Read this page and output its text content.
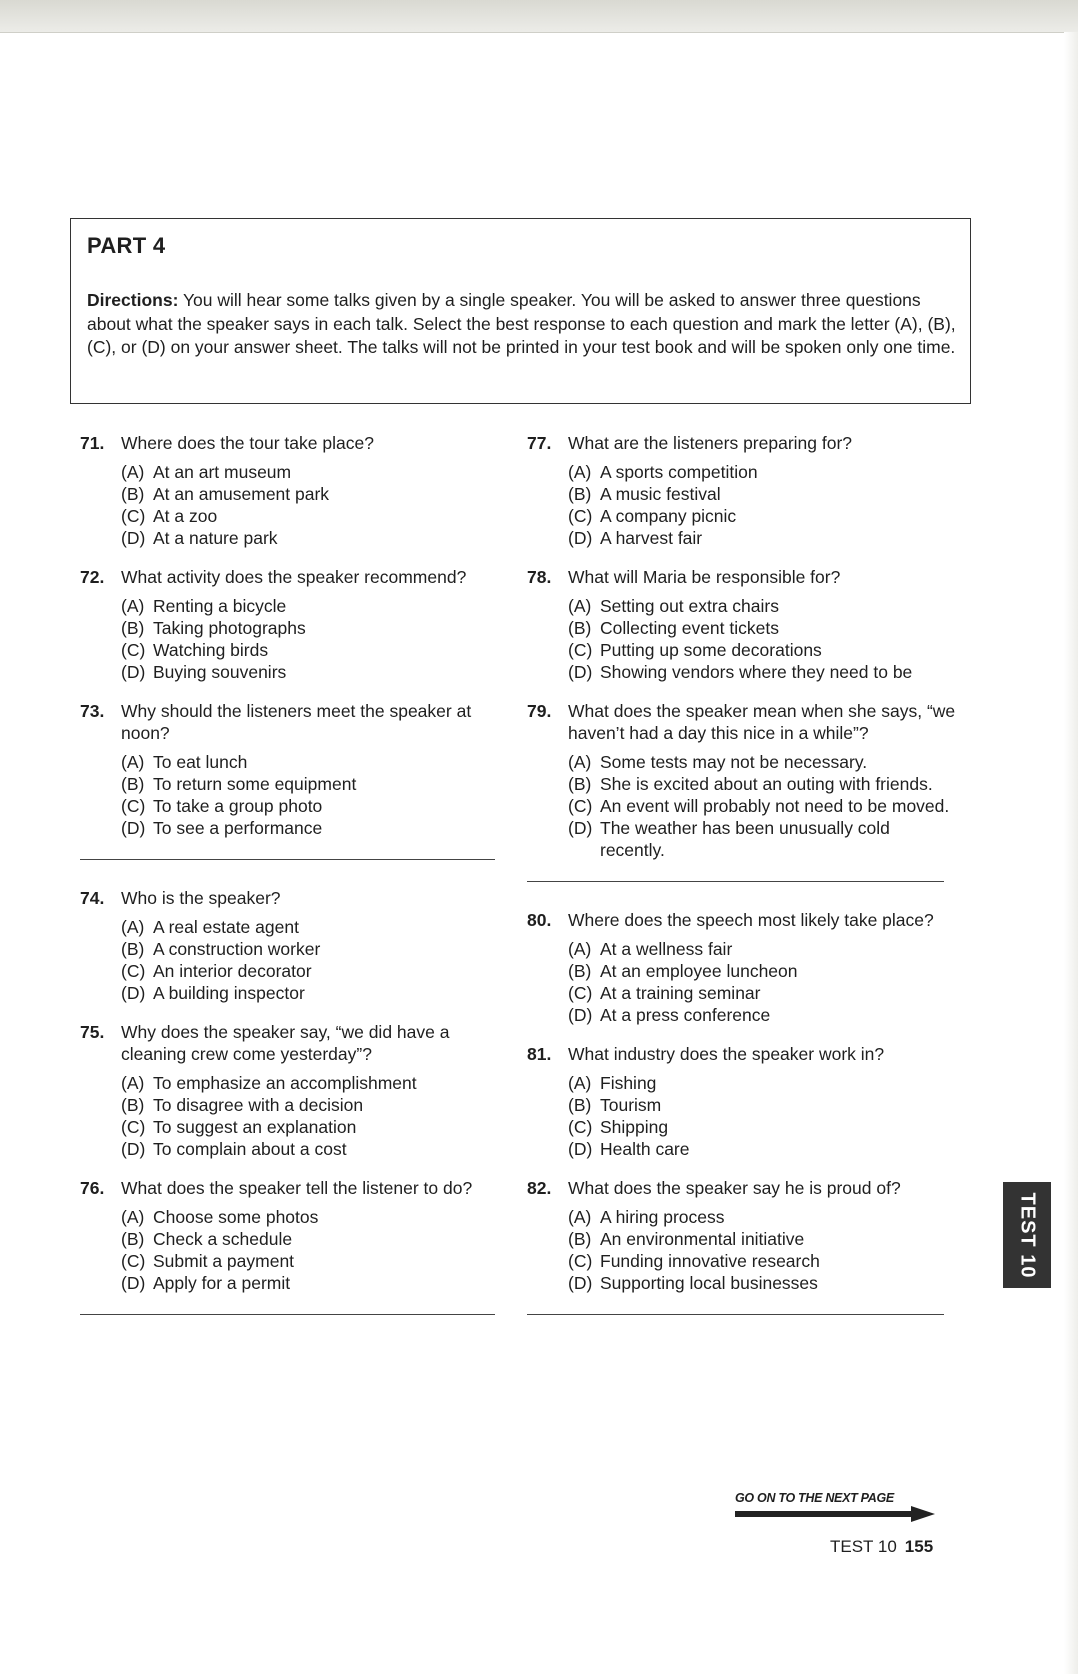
PART 4
Directions: You will hear some talks given by a single speaker. You will be asked to answer three questions about what the speaker says in each talk. Select the best response to each question and mark the letter (A), (B), (C), or (D) on your answer sheet. The talks will not be printed in your test book and will be spoken only one time.
71. Where does the tour take place?
(A) At an art museum
(B) At an amusement park
(C) At a zoo
(D) At a nature park
72. What activity does the speaker recommend?
(A) Renting a bicycle
(B) Taking photographs
(C) Watching birds
(D) Buying souvenirs
73. Why should the listeners meet the speaker at noon?
(A) To eat lunch
(B) To return some equipment
(C) To take a group photo
(D) To see a performance
74. Who is the speaker?
(A) A real estate agent
(B) A construction worker
(C) An interior decorator
(D) A building inspector
75. Why does the speaker say, “we did have a cleaning crew come yesterday”?
(A) To emphasize an accomplishment
(B) To disagree with a decision
(C) To suggest an explanation
(D) To complain about a cost
76. What does the speaker tell the listener to do?
(A) Choose some photos
(B) Check a schedule
(C) Submit a payment
(D) Apply for a permit
77. What are the listeners preparing for?
(A) A sports competition
(B) A music festival
(C) A company picnic
(D) A harvest fair
78. What will Maria be responsible for?
(A) Setting out extra chairs
(B) Collecting event tickets
(C) Putting up some decorations
(D) Showing vendors where they need to be
79. What does the speaker mean when she says, “we haven’t had a day this nice in a while”?
(A) Some tests may not be necessary.
(B) She is excited about an outing with friends.
(C) An event will probably not need to be moved.
(D) The weather has been unusually cold recently.
80. Where does the speech most likely take place?
(A) At a wellness fair
(B) At an employee luncheon
(C) At a training seminar
(D) At a press conference
81. What industry does the speaker work in?
(A) Fishing
(B) Tourism
(C) Shipping
(D) Health care
82. What does the speaker say he is proud of?
(A) A hiring process
(B) An environmental initiative
(C) Funding innovative research
(D) Supporting local businesses
TEST 10
GO ON TO THE NEXT PAGE
TEST 10 155
